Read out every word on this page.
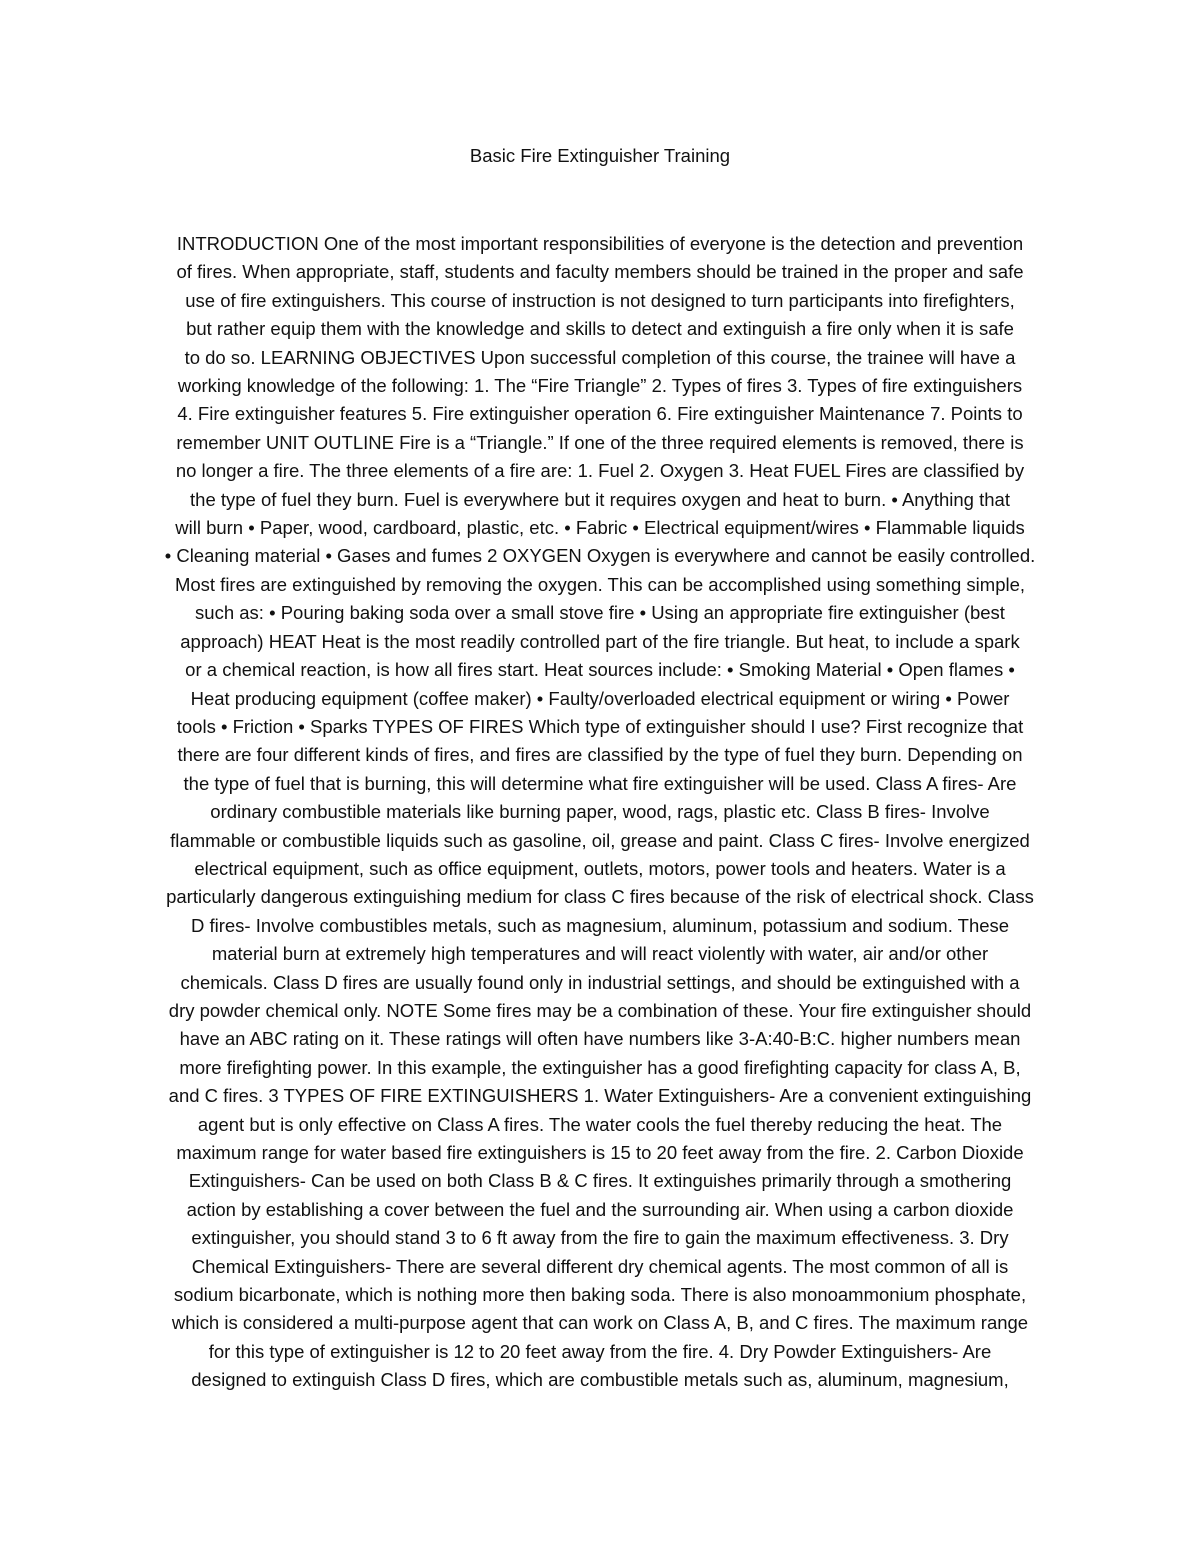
Basic Fire Extinguisher Training
INTRODUCTION One of the most important responsibilities of everyone is the detection and prevention
of fires. When appropriate, staff, students and faculty members should be trained in the proper and safe
use of fire extinguishers. This course of instruction is not designed to turn participants into firefighters,
but rather equip them with the knowledge and skills to detect and extinguish a fire only when it is safe
to do so. LEARNING OBJECTIVES Upon successful completion of this course, the trainee will have a
working knowledge of the following: 1. The “Fire Triangle” 2. Types of fires 3. Types of fire extinguishers
4. Fire extinguisher features 5. Fire extinguisher operation 6. Fire extinguisher Maintenance 7. Points to
remember UNIT OUTLINE Fire is a “Triangle.” If one of the three required elements is removed, there is
no longer a fire. The three elements of a fire are: 1. Fuel 2. Oxygen 3. Heat FUEL Fires are classified by
the type of fuel they burn. Fuel is everywhere but it requires oxygen and heat to burn. • Anything that
will burn • Paper, wood, cardboard, plastic, etc. • Fabric • Electrical equipment/wires • Flammable liquids
• Cleaning material • Gases and fumes 2 OXYGEN Oxygen is everywhere and cannot be easily controlled.
Most fires are extinguished by removing the oxygen. This can be accomplished using something simple,
such as: • Pouring baking soda over a small stove fire • Using an appropriate fire extinguisher (best
approach) HEAT Heat is the most readily controlled part of the fire triangle. But heat, to include a spark
or a chemical reaction, is how all fires start. Heat sources include: • Smoking Material • Open flames •
Heat producing equipment (coffee maker) • Faulty/overloaded electrical equipment or wiring • Power
tools • Friction • Sparks TYPES OF FIRES Which type of extinguisher should I use? First recognize that
there are four different kinds of fires, and fires are classified by the type of fuel they burn. Depending on
the type of fuel that is burning, this will determine what fire extinguisher will be used. Class A fires- Are
ordinary combustible materials like burning paper, wood, rags, plastic etc. Class B fires- Involve
flammable or combustible liquids such as gasoline, oil, grease and paint. Class C fires- Involve energized
electrical equipment, such as office equipment, outlets, motors, power tools and heaters. Water is a
particularly dangerous extinguishing medium for class C fires because of the risk of electrical shock. Class
D fires- Involve combustibles metals, such as magnesium, aluminum, potassium and sodium. These
material burn at extremely high temperatures and will react violently with water, air and/or other
chemicals. Class D fires are usually found only in industrial settings, and should be extinguished with a
dry powder chemical only. NOTE Some fires may be a combination of these. Your fire extinguisher should
have an ABC rating on it. These ratings will often have numbers like 3-A:40-B:C. higher numbers mean
more firefighting power. In this example, the extinguisher has a good firefighting capacity for class A, B,
and C fires. 3 TYPES OF FIRE EXTINGUISHERS 1. Water Extinguishers- Are a convenient extinguishing
agent but is only effective on Class A fires. The water cools the fuel thereby reducing the heat. The
maximum range for water based fire extinguishers is 15 to 20 feet away from the fire. 2. Carbon Dioxide
Extinguishers- Can be used on both Class B & C fires. It extinguishes primarily through a smothering
action by establishing a cover between the fuel and the surrounding air. When using a carbon dioxide
extinguisher, you should stand 3 to 6 ft away from the fire to gain the maximum effectiveness. 3. Dry
Chemical Extinguishers- There are several different dry chemical agents. The most common of all is
sodium bicarbonate, which is nothing more then baking soda. There is also monoammonium phosphate,
which is considered a multi-purpose agent that can work on Class A, B, and C fires. The maximum range
for this type of extinguisher is 12 to 20 feet away from the fire. 4. Dry Powder Extinguishers- Are
designed to extinguish Class D fires, which are combustible metals such as, aluminum, magnesium,
